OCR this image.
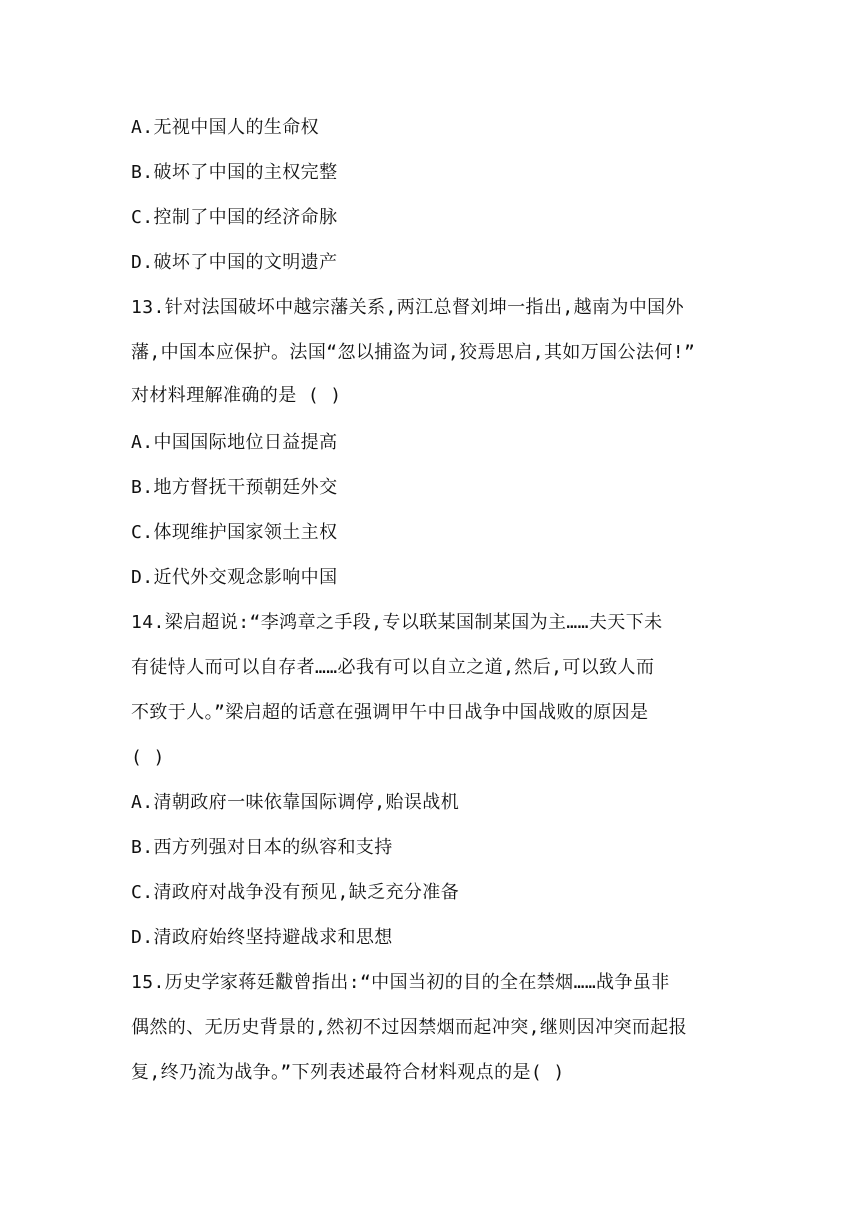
A.无视中国人的生命权

B.破坏了中国的主权完整

C.控制了中国的经济命脉

D.破坏了中国的文明遗产

13.针对法国破坏中越宗藩关系,两江总督刘坤一指出,越南为中国外

藩,中国本应保护。法国“忽以捕盗为词,狡焉思启,其如万国公法何!”

对材料理解准确的是 ( )

A.中国国际地位日益提高

B.地方督抚干预朝廷外交

C.体现维护国家领土主权

D.近代外交观念影响中国

14.梁启超说:“李鸿章之手段,专以联某国制某国为主……夫天下未

有徒恃人而可以自存者……必我有可以自立之道,然后,可以致人而

不致于人。”梁启超的话意在强调甲午中日战争中国战败的原因是

( )

A.清朝政府一味依靠国际调停,贻误战机

B.西方列强对日本的纵容和支持

C.清政府对战争没有预见,缺乏充分准备

D.清政府始终坚持避战求和思想

15.历史学家蒋廷黻曾指出:“中国当初的目的全在禁烟……战争虽非

偶然的、无历史背景的,然初不过因禁烟而起冲突,继则因冲突而起报

复,终乃流为战争。”下列表述最符合材料观点的是( )
